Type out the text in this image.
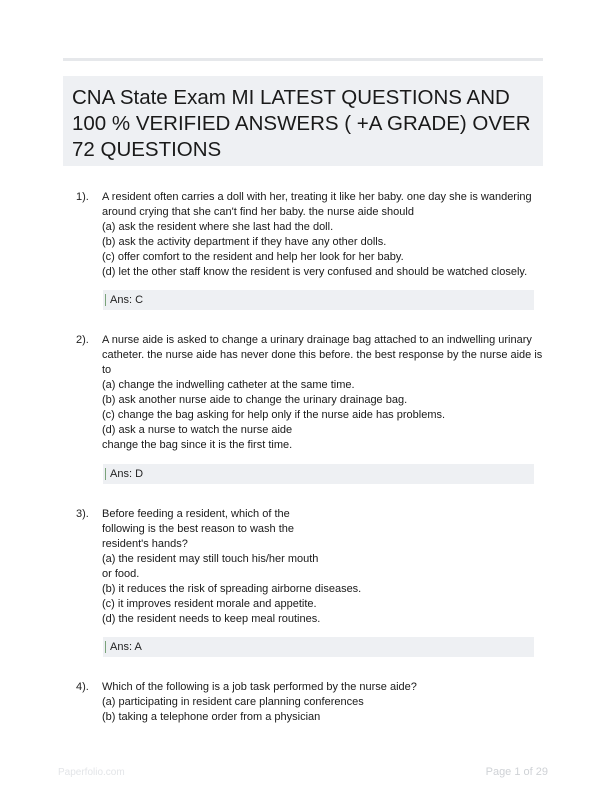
CNA State Exam MI LATEST QUESTIONS AND
100 % VERIFIED ANSWERS ( +A GRADE) OVER
72 QUESTIONS
1). A resident often carries a doll with her, treating it like her baby. one day she is wandering
around crying that she can't find her baby. the nurse aide should
(a) ask the resident where she last had the doll.
(b) ask the activity department if they have any other dolls.
(c) offer comfort to the resident and help her look for her baby.
(d) let the other staff know the resident is very confused and should be watched closely.
Ans: C
2). A nurse aide is asked to change a urinary drainage bag attached to an indwelling urinary
catheter. the nurse aide has never done this before. the best response by the nurse aide is
to
(a) change the indwelling catheter at the same time.
(b) ask another nurse aide to change the urinary drainage bag.
(c) change the bag asking for help only if the nurse aide has problems.
(d) ask a nurse to watch the nurse aide
change the bag since it is the first time.
Ans: D
3). Before feeding a resident, which of the
following is the best reason to wash the
resident's hands?
(a) the resident may still touch his/her mouth
or food.
(b) it reduces the risk of spreading airborne diseases.
(c) it improves resident morale and appetite.
(d) the resident needs to keep meal routines.
Ans: A
4). Which of the following is a job task performed by the nurse aide?
(a) participating in resident care planning conferences
(b) taking a telephone order from a physician
Paperfolio.com	Page 1 of 29
